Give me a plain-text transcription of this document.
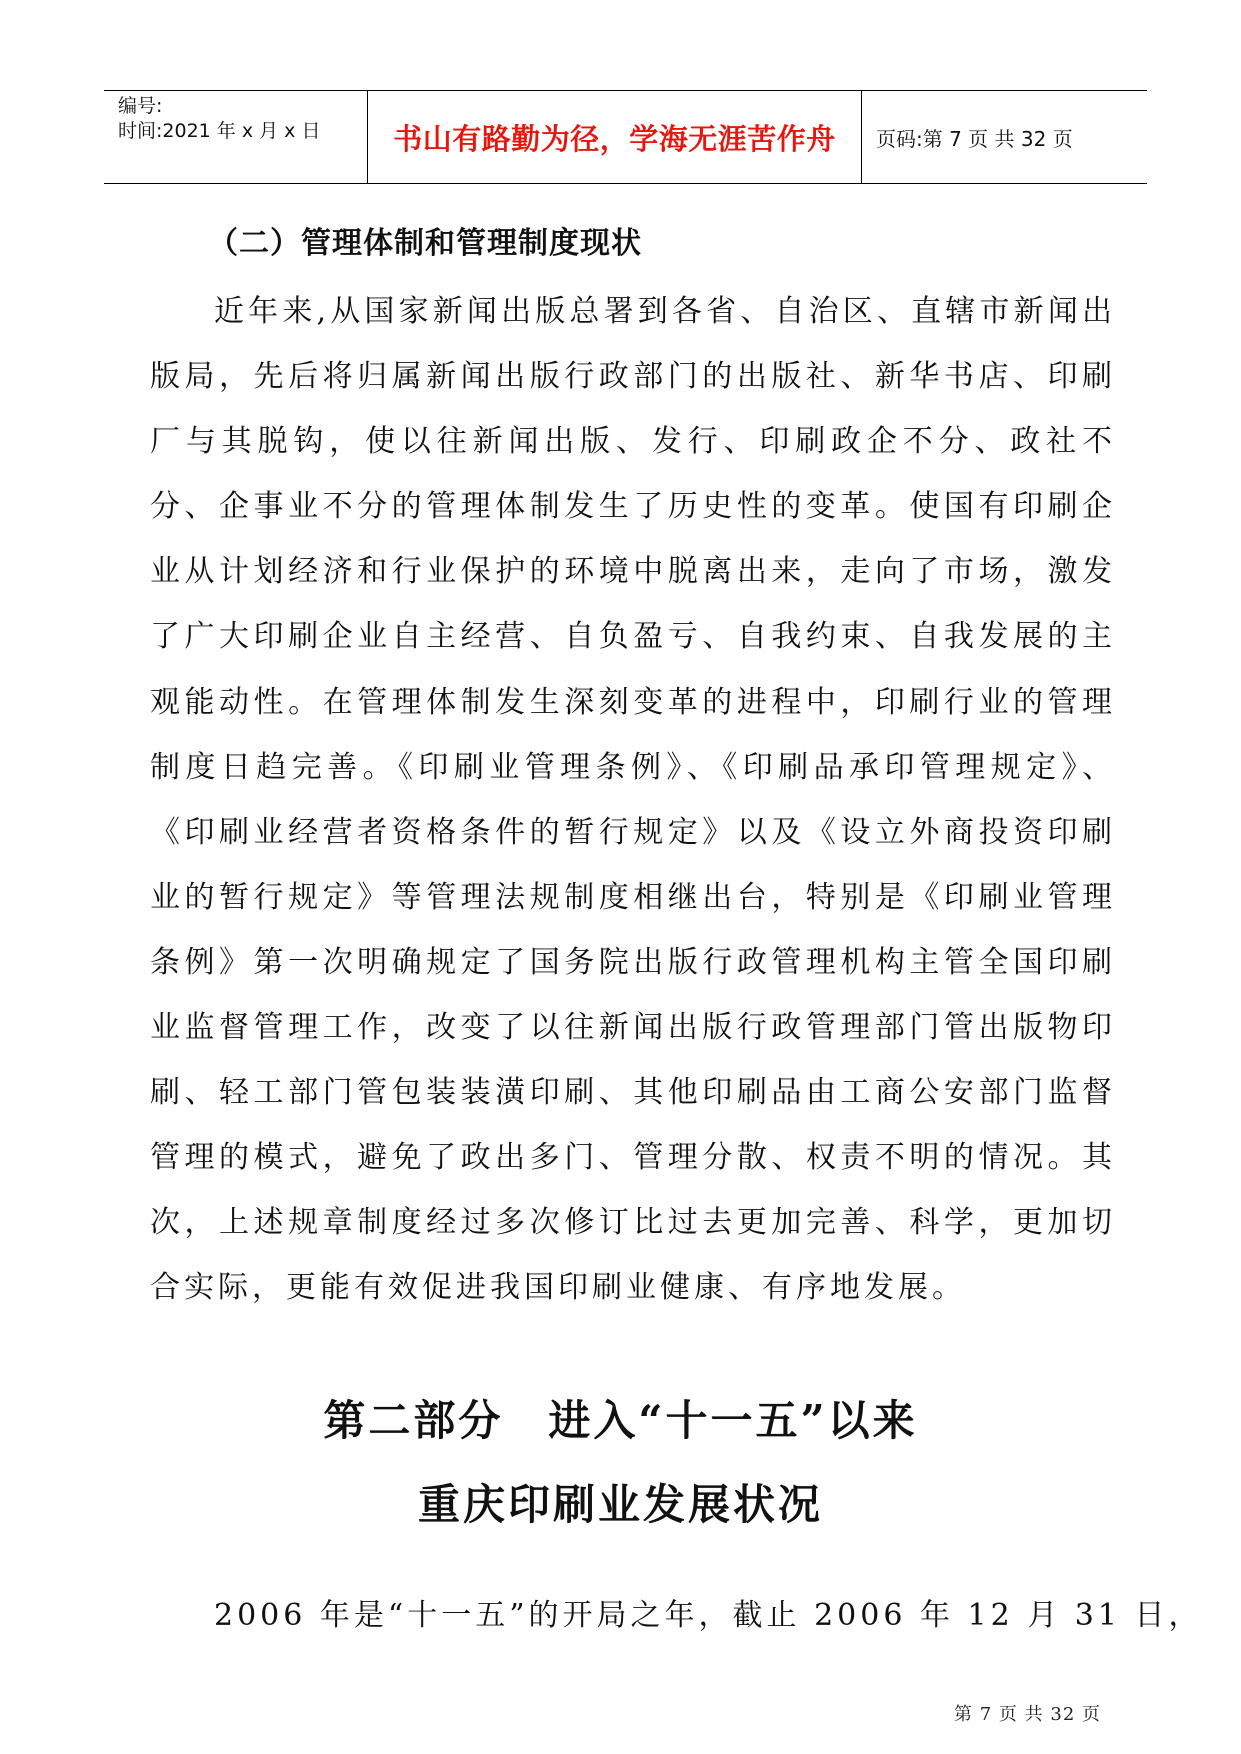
编号:
时间:2021 年 x 月 x 日	书山有路勤为径，学海无涯苦作舟 页码:第 7 页 共 32 页
（二）管理体制和管理制度现状

近年来,从国家新闻出版总署到各省、自治区、直辖市新闻出版局，先后将归属新闻出版行政部门的出版社、新华书店、印刷厂与其脱钩，使以往新闻出版、发行、印刷政企不分、政社不分、企事业不分的管理体制发生了历史性的变革。使国有印刷企业从计划经济和行业保护的环境中脱离出来，走向了市场，激发了广大印刷企业自主经营、自负盈亏、自我约束、自我发展的主观能动性。在管理体制发生深刻变革的进程中，印刷行业的管理制度日趋完善。《印刷业管理条例》、《印刷品承印管理规定》、《印刷业经营者资格条件的暂行规定》以及《设立外商投资印刷业的暂行规定》等管理法规制度相继出台，特别是《印刷业管理条例》第一次明确规定了国务院出版行政管理机构主管全国印刷业监督管理工作，改变了以往新闻出版行政管理部门管出版物印刷、轻工部门管包装装潢印刷、其他印刷品由工商公安部门监督管理的模式，避免了政出多门、管理分散、权责不明的情况。其次，上述规章制度经过多次修订比过去更加完善、科学，更加切合实际，更能有效促进我国印刷业健康、有序地发展。

第二部分　进入“十一五”以来
重庆印刷业发展状况

2006 年是“十一五”的开局之年，截止 2006 年 12 月 31 日，

第 7 页 共 32 页
